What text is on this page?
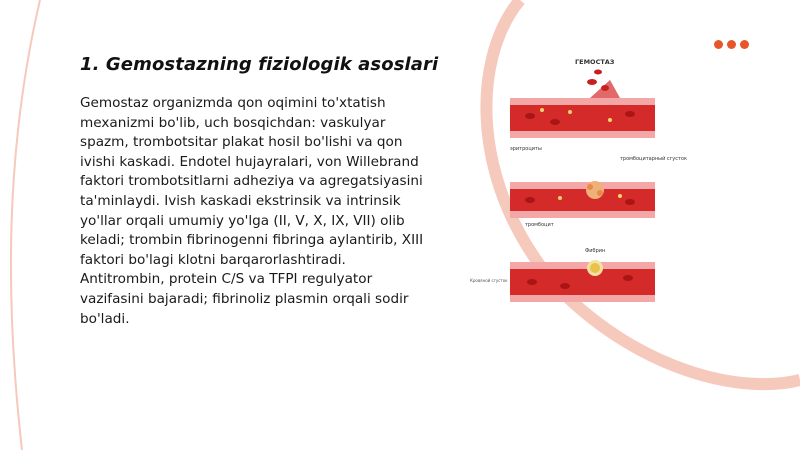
1. Gemostazning fiziologik asoslari

Gemostaz organizmda qon oqimini to'xtatish mexanizmi bo'lib, uch bosqichdan: vaskulyar spazm, trombotsitar plakat hosil bo'lishi va qon ivishi kaskadi. Endotel hujayralari, von Willebrand faktori trombotsitlarni adheziya va agregatsiyasini ta'minlaydi. Ivish kaskadi ekstrinsik va intrinsik yo'llar orqali umumiy yo'lga (II, V, X, IX, VII) olib keladi; trombin fibrinogenni fibringa aylantirib, XIII faktori bo'lagi klotni barqarorlashtiradi. Antitrombin, protein C/S va TFPI regulyator vazifasini bajaradi; fibrinoliz plasmin orqali sodir bo'ladi.

ГЕМОСТАЗ
эритроциты
тромбоцитарный сгусток
тромбоцит
Фибрин
Кровяной сгусток
